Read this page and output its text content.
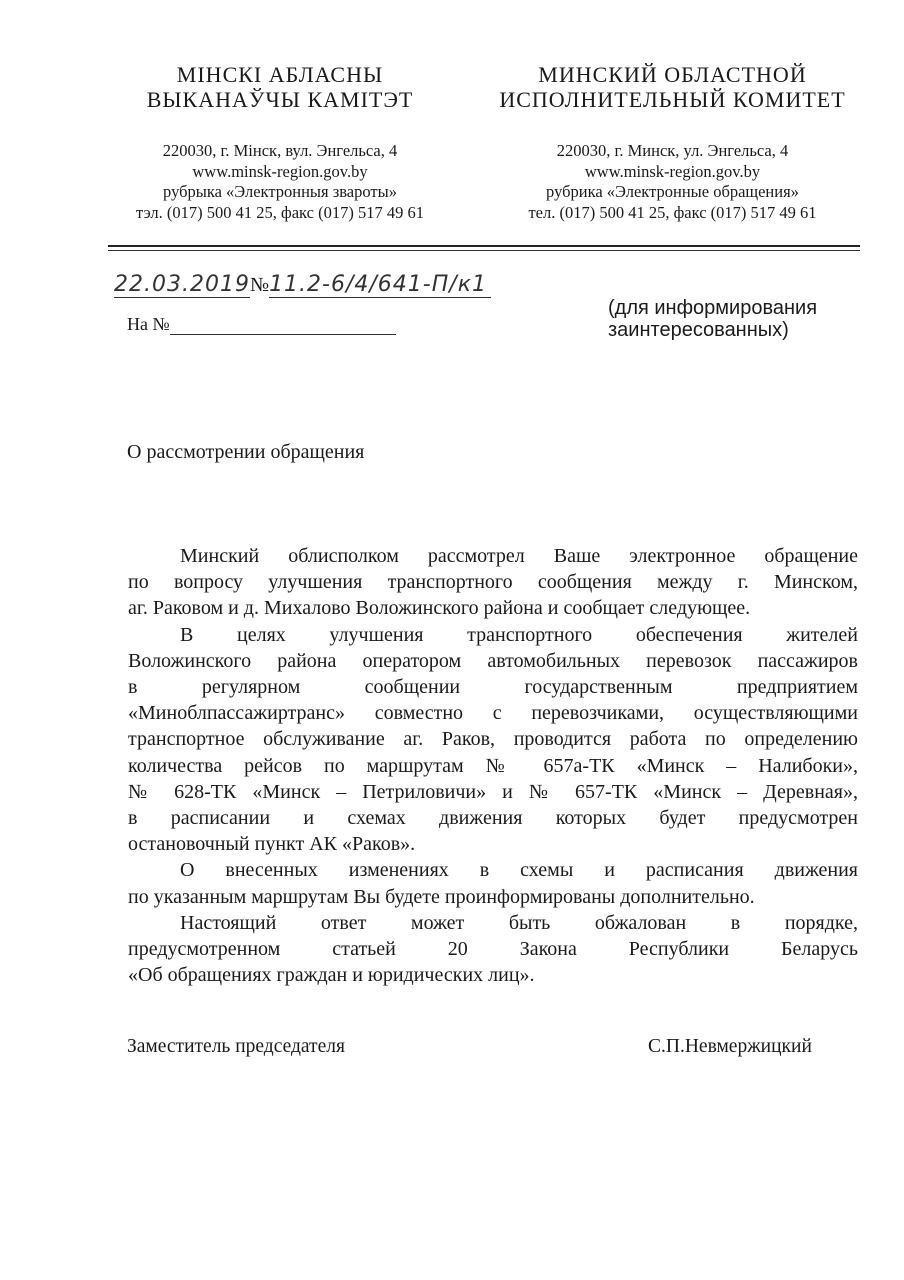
МІНСКІ АБЛАСНЫ
ВЫКАНАЎЧЫ КАМІТЭТ
МИНСКИЙ ОБЛАСТНОЙ
ИСПОЛНИТЕЛЬНЫЙ КОМИТЕТ
220030, г. Мінск, вул. Энгельса, 4
www.minsk-region.gov.by
рубрыка «Электронныя звароты»
тэл. (017) 500 41 25, факс (017) 517 49 61
220030, г. Минск, ул. Энгельса, 4
www.minsk-region.gov.by
рубрика «Электронные обращения»
тел. (017) 500 41 25, факс (017) 517 49 61
22.03.2019№11.2-6/4/641-П/к1
На №
(для информирования
заинтересованных)
О рассмотрении обращения
Минский облисполком рассмотрел Ваше электронное обращение
по вопросу улучшения транспортного сообщения между г. Минском,
аг. Раковом и д. Михалово Воложинского района и сообщает следующее.
В целях улучшения транспортного обеспечения жителей
Воложинского района оператором автомобильных перевозок пассажиров
в регулярном сообщении государственным предприятием
«Миноблпассажиртранс» совместно с перевозчиками, осуществляющими
транспортное обслуживание аг. Раков, проводится работа по определению
количества рейсов по маршрутам № 657а-ТК «Минск – Налибоки»,
№ 628-ТК «Минск – Петриловичи» и № 657-ТК «Минск – Деревная»,
в расписании и схемах движения которых будет предусмотрен
остановочный пункт АК «Раков».
О внесенных изменениях в схемы и расписания движения
по указанным маршрутам Вы будете проинформированы дополнительно.
Настоящий ответ может быть обжалован в порядке,
предусмотренном статьей 20 Закона Республики Беларусь
«Об обращениях граждан и юридических лиц».
Заместитель председателя	С.П.Невмержицкий
